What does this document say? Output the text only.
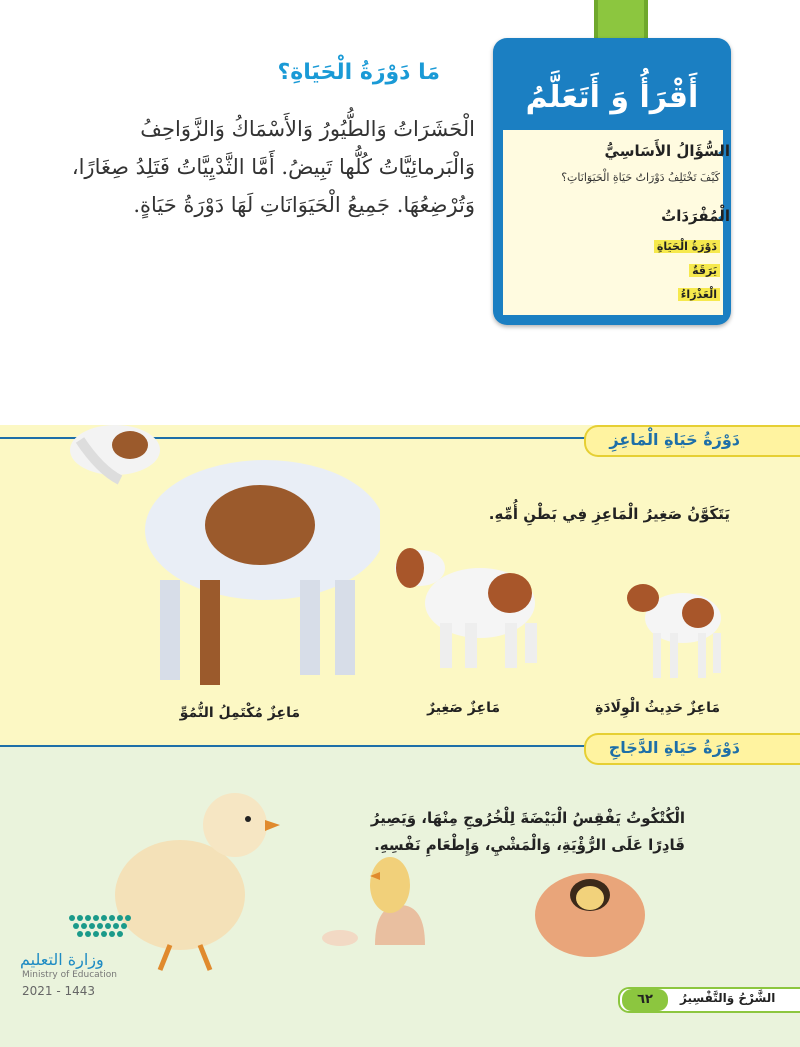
مَا دَوْرَةُ الْحَيَاةِ؟
الْحَشَرَاتُ وَالطُّيُورُ وَالأَسْمَاكُ وَالزَّوَاحِفُ
وَالْبَرمائِيَّاتُ كُلُّها تَبِيضُ. أَمَّا الثَّدْيِيَّاتُ فَتَلِدُ صِغَارًا،
وَتُرْضِعُهَا. جَمِيعُ الْحَيَوَانَاتِ لَهَا دَوْرَةُ حَيَاةٍ.
أَقْرَأُ وَ أَتَعَلَّمُ
السُّؤَالُ الأَسَاسِيُّ
كَيْفَ تَخْتَلِفُ دَوْرَاتُ حَيَاةِ الْحَيَوَانَاتِ؟
الْمُفْرَدَاتُ
دَوْرَةُ الْحَيَاةِ
يَرَقَةٌ
الْعَذْرَاءُ
دَوْرَةُ حَيَاةِ الْمَاعِزِ
يَتَكَوَّنُ صَغِيرُ الْمَاعِزِ فِي بَطْنِ أُمِّهِ.
مَاعِزٌ حَدِيثُ الْوِلَادَةِ
مَاعِزٌ صَغِيرٌ
مَاعِزٌ مُكْتَمِلُ النُّمُوِّ
دَوْرَةُ حَيَاةِ الدَّجَاجِ
الْكُتْكُوتُ يَفْقِسُ الْبَيْضَةَ لِلْخُرُوجِ مِنْهَا، وَيَصِيرُ قَادِرًا عَلَى الرُّؤْيَةِ، وَالْمَشْيِ، وَإِطْعَامِ نَفْسِهِ.
٦٢	الشَّرْحُ وَالتَّفْسِيرُ
وزارة التعليم
Ministry of Education
2021 - 1443
